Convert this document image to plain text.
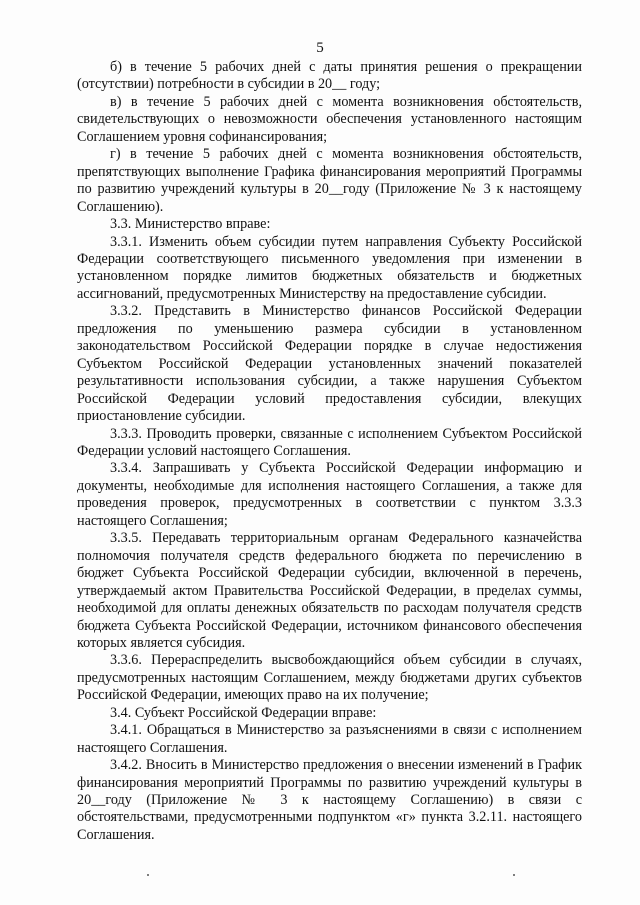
5

б) в течение 5 рабочих дней с даты принятия решения о прекращении (отсутствии) потребности в субсидии в 20__ году;

в) в течение 5 рабочих дней с момента возникновения обстоятельств, свидетельствующих о невозможности обеспечения установленного настоящим Соглашением уровня софинансирования;

г) в течение 5 рабочих дней с момента возникновения обстоятельств, препятствующих выполнение Графика финансирования мероприятий Программы по развитию учреждений культуры в 20__году (Приложение № 3 к настоящему Соглашению).

3.3. Министерство вправе:

3.3.1. Изменить объем субсидии путем направления Субъекту Российской Федерации соответствующего письменного уведомления при изменении в установленном порядке лимитов бюджетных обязательств и бюджетных ассигнований, предусмотренных Министерству на предоставление субсидии.

3.3.2. Представить в Министерство финансов Российской Федерации предложения по уменьшению размера субсидии в установленном законодательством Российской Федерации порядке в случае недостижения Субъектом Российской Федерации установленных значений показателей результативности использования субсидии, а также нарушения Субъектом Российской Федерации условий предоставления субсидии, влекущих приостановление субсидии.

3.3.3. Проводить проверки, связанные с исполнением Субъектом Российской Федерации условий настоящего Соглашения.

3.3.4. Запрашивать у Субъекта Российской Федерации информацию и документы, необходимые для исполнения настоящего Соглашения, а также для проведения проверок, предусмотренных в соответствии с пунктом 3.3.3 настоящего Соглашения;

3.3.5. Передавать территориальным органам Федерального казначейства полномочия получателя средств федерального бюджета по перечислению в бюджет Субъекта Российской Федерации субсидии, включенной в перечень, утверждаемый актом Правительства Российской Федерации, в пределах суммы, необходимой для оплаты денежных обязательств по расходам получателя средств бюджета Субъекта Российской Федерации, источником финансового обеспечения которых является субсидия.

3.3.6. Перераспределить высвобождающийся объем субсидии в случаях, предусмотренных настоящим Соглашением, между бюджетами других субъектов Российской Федерации, имеющих право на их получение;

3.4. Субъект Российской Федерации вправе:

3.4.1. Обращаться в Министерство за разъяснениями в связи с исполнением настоящего Соглашения.

3.4.2. Вносить в Министерство предложения о внесении изменений в График финансирования мероприятий Программы по развитию учреждений культуры в 20__году (Приложение № 3 к настоящему Соглашению) в связи с обстоятельствами, предусмотренными подпунктом «г» пункта 3.2.11. настоящего Соглашения.
